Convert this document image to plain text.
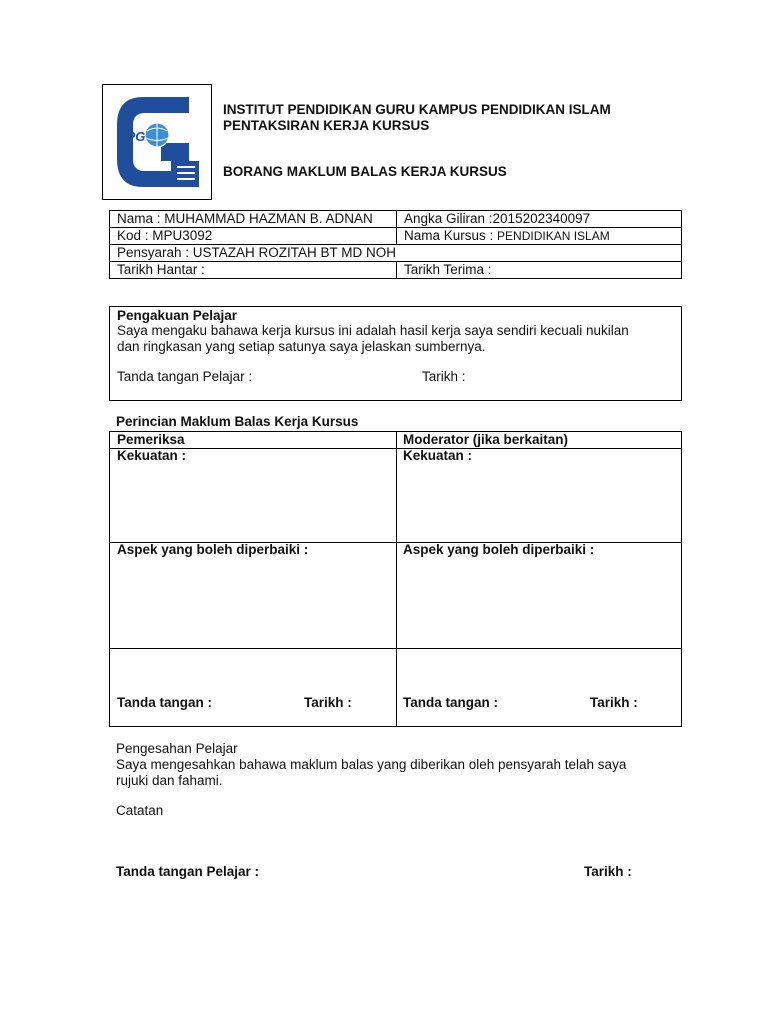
IPG
INSTITUT PENDIDIKAN GURU KAMPUS PENDIDIKAN ISLAM
PENTAKSIRAN KERJA KURSUS
BORANG MAKLUM BALAS KERJA KURSUS
Nama : MUHAMMAD HAZMAN B. ADNAN	Angka Giliran :2015202340097
Kod : MPU3092	Nama Kursus : PENDIDIKAN ISLAM
Pensyarah : USTAZAH ROZITAH BT MD NOH	
Tarikh Hantar :	Tarikh Terima :
Pengakuan Pelajar
Saya mengaku bahawa kerja kursus ini adalah hasil kerja saya sendiri kecuali nukilan
dan ringkasan yang setiap satunya saya jelaskan sumbernya.
Tanda tangan Pelajar :	Tarikh :
Perincian Maklum Balas Kerja Kursus
Pemeriksa	Moderator (jika berkaitan)
Kekuatan :	Kekuatan :
Aspek yang boleh diperbaiki :	Aspek yang boleh diperbaiki :
Tanda tangan :	Tarikh :	Tanda tangan :	Tarikh :
Pengesahan Pelajar
Saya mengesahkan bahawa maklum balas yang diberikan oleh pensyarah telah saya
rujuki dan fahami.
Catatan
Tanda tangan Pelajar :	Tarikh :
